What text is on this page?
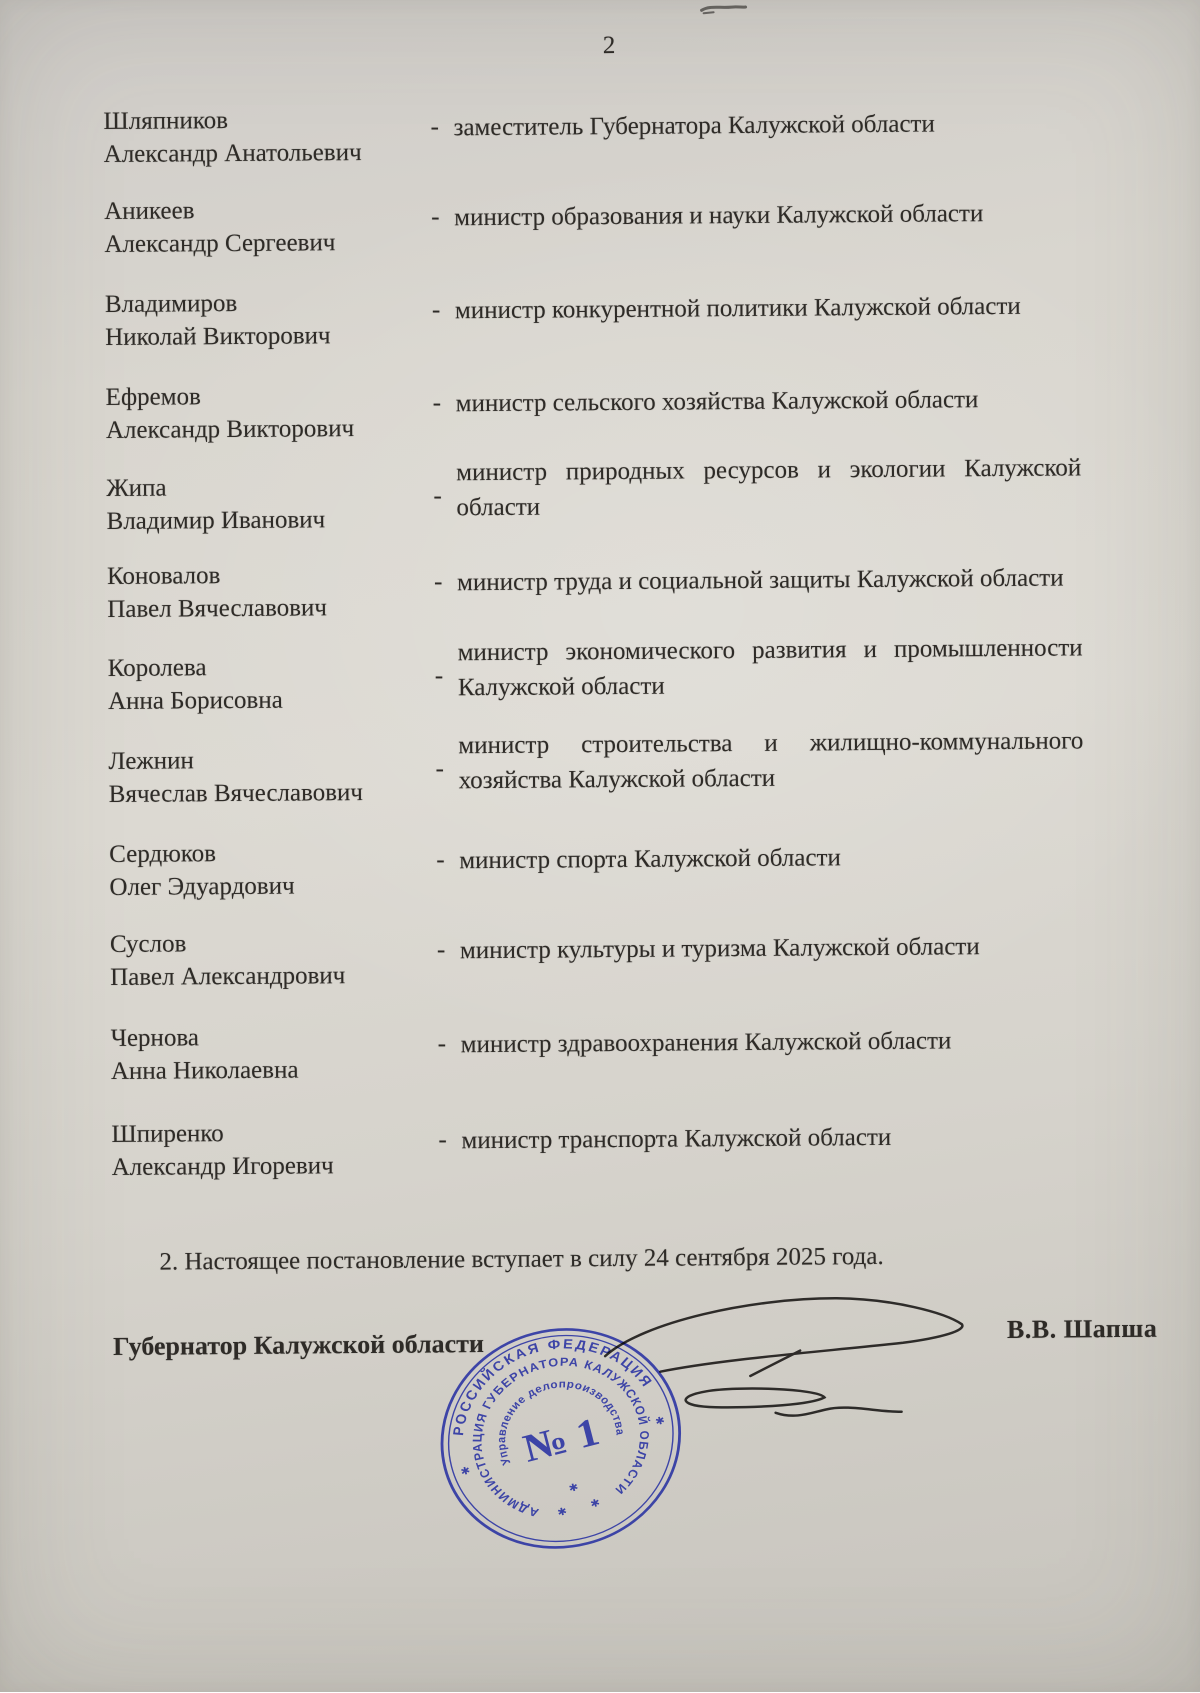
2
Шляпников
Александр Анатольевич
- заместитель Губернатора Калужской области
Аникеев
Александр Сергеевич
- министр образования и науки Калужской области
Владимиров
Николай Викторович
- министр конкурентной политики Калужской области
Ефремов
Александр Викторович
- министр сельского хозяйства Калужской области
Жипа
Владимир Иванович
-
министр природных ресурсов и экологии Калужской
области
Коновалов
Павел Вячеславович
- министр труда и социальной защиты Калужской области
Королева
Анна Борисовна
-
министр экономического развития и промышленности
Калужской области
Лежнин
Вячеслав Вячеславович
-
министр строительства и жилищно-коммунального
хозяйства Калужской области
Сердюков
Олег Эдуардович
- министр спорта Калужской области
Суслов
Павел Александрович
- министр культуры и туризма Калужской области
Чернова
Анна Николаевна
- министр здравоохранения Калужской области
Шпиренко
Александр Игоревич
- министр транспорта Калужской области
2. Настоящее постановление вступает в силу 24 сентября 2025 года.
Губернатор Калужской области
В.В. Шапша
РОССИЙСКАЯ ФЕДЕРАЦИЯ
АДМИНИСТРАЦИЯ ГУБЕРНАТОРА КАЛУЖСКОЙ ОБЛАСТИ
Управление делопроизводства
№ 1
✱
✱
✱
✱
✱
